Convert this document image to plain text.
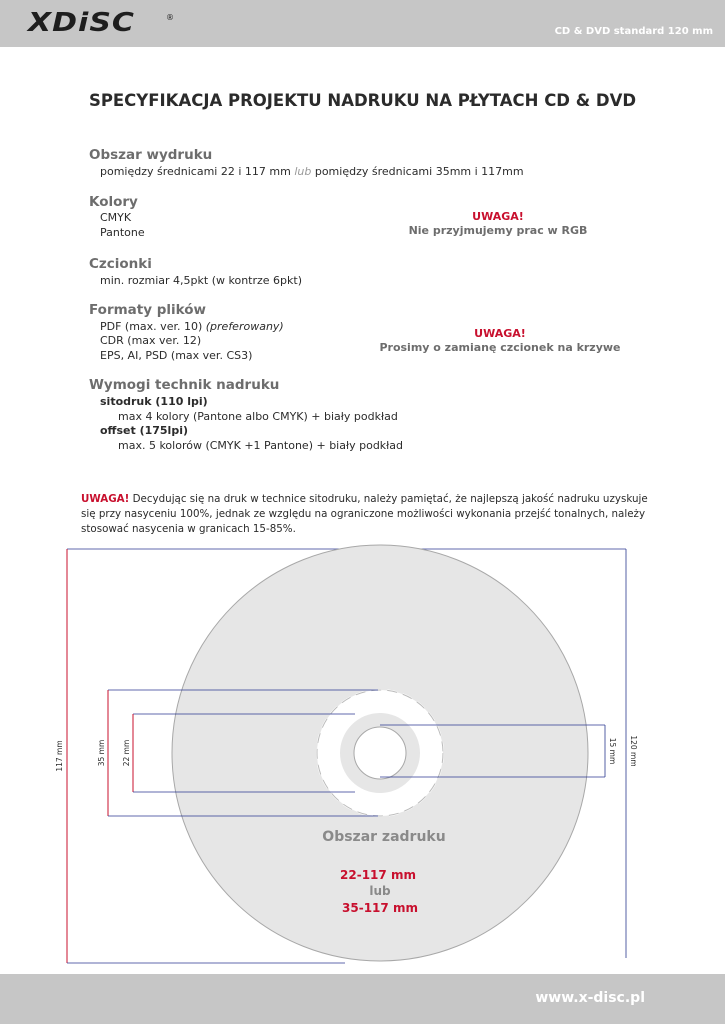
XDiSC	®
CD & DVD standard 120 mm
SPECYFIKACJA PROJEKTU NADRUKU NA PŁYTACH CD & DVD
Obszar wydruku
pomiędzy średnicami 22 i 117 mm lub pomiędzy średnicami 35mm i 117mm
Kolory
CMYK
Pantone
UWAGA!
Nie przyjmujemy prac w RGB
Czcionki
min. rozmiar 4,5pkt (w kontrze 6pkt)
Formaty plików
PDF (max. ver. 10) (preferowany)
CDR (max ver. 12)
EPS, AI, PSD (max ver. CS3)
UWAGA!
Prosimy o zamianę czcionek na krzywe
Wymogi technik nadruku
sitodruk (110 lpi)
max 4 kolory (Pantone albo CMYK) + biały podkład
offset (175lpi)
max. 5 kolorów (CMYK +1 Pantone) + biały podkład
UWAGA! Decydując się na druk w technice sitodruku, należy pamiętać, że najlepszą jakość nadruku uzyskuje się przy nasyceniu 100%, jednak ze względu na ograniczone możliwości wykonania przejść tonalnych, należy stosować nasycenia w granicach 15-85%.
117 mm	35 mm 22 mm	15 mm 120 mm
Obszar zadruku
22-117 mm
lub
35-117 mm
www.x-disc.pl
